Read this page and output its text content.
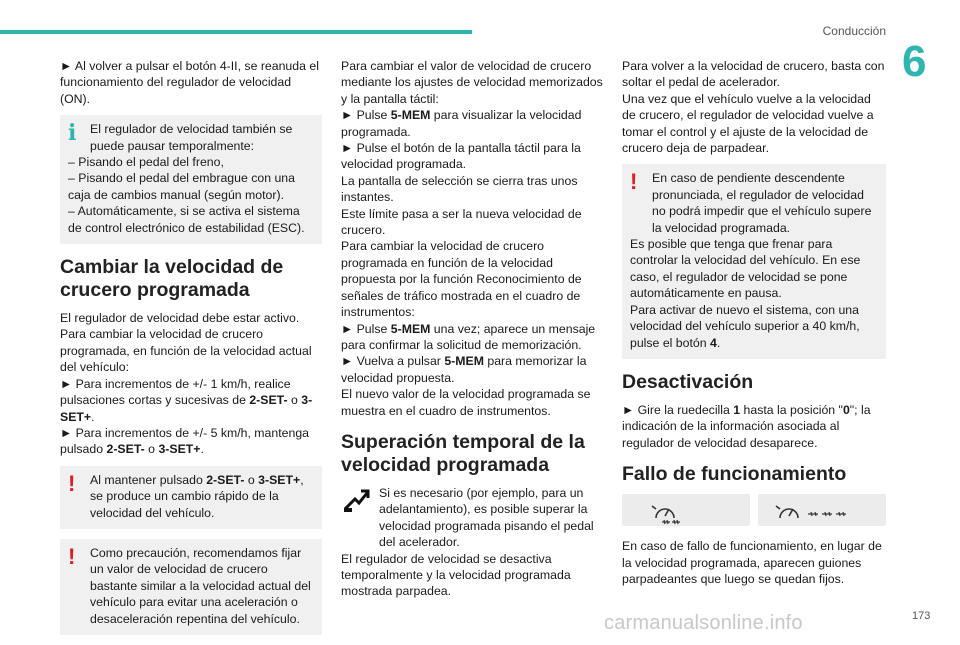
Conducción
6

► Al volver a pulsar el botón 4-II, se reanuda el funcionamiento del regulador de velocidad (ON).

i	El regulador de velocidad también se puede pausar temporalmente:

– Pisando el pedal del freno,

– Pisando el pedal del embrague con una caja de cambios manual (según motor).

– Automáticamente, si se activa el sistema de control electrónico de estabilidad (ESC).

Cambiar la velocidad de crucero programada

El regulador de velocidad debe estar activo.

Para cambiar la velocidad de crucero programada, en función de la velocidad actual del vehículo:

► Para incrementos de +/- 1 km/h, realice pulsaciones cortas y sucesivas de 2-SET- o 3-SET+.

► Para incrementos de +/- 5 km/h, mantenga pulsado 2-SET- o 3-SET+.

!	Al mantener pulsado 2-SET- o 3-SET+, se produce un cambio rápido de la velocidad del vehículo.

!	Como precaución, recomendamos fijar un valor de velocidad de crucero bastante similar a la velocidad actual del vehículo para evitar una aceleración o desaceleración repentina del vehículo.

Para cambiar el valor de velocidad de crucero mediante los ajustes de velocidad memorizados y la pantalla táctil:

► Pulse 5-MEM para visualizar la velocidad programada.

► Pulse el botón de la pantalla táctil para la velocidad programada.

La pantalla de selección se cierra tras unos instantes.

Este límite pasa a ser la nueva velocidad de crucero.

Para cambiar la velocidad de crucero programada en función de la velocidad propuesta por la función Reconocimiento de señales de tráfico mostrada en el cuadro de instrumentos:

► Pulse 5-MEM una vez; aparece un mensaje para confirmar la solicitud de memorización.

► Vuelva a pulsar 5-MEM para memorizar la velocidad propuesta.

El nuevo valor de la velocidad programada se muestra en el cuadro de instrumentos.

Superación temporal de la velocidad programada

Si es necesario (por ejemplo, para un adelantamiento), es posible superar la velocidad programada pisando el pedal del acelerador.

El regulador de velocidad se desactiva temporalmente y la velocidad programada mostrada parpadea.

Para volver a la velocidad de crucero, basta con soltar el pedal de acelerador.

Una vez que el vehículo vuelve a la velocidad de crucero, el regulador de velocidad vuelve a tomar el control y el ajuste de la velocidad de crucero deja de parpadear.

!	En caso de pendiente descendente pronunciada, el regulador de velocidad no podrá impedir que el vehículo supere la velocidad programada.

Es posible que tenga que frenar para controlar la velocidad del vehículo. En ese caso, el regulador de velocidad se pone automáticamente en pausa.

Para activar de nuevo el sistema, con una velocidad del vehículo superior a 40 km/h, pulse el botón 4.

Desactivación

► Gire la ruedecilla 1 hasta la posición "0"; la indicación de la información asociada al regulador de velocidad desaparece.

Fallo de funcionamiento

En caso de fallo de funcionamiento, en lugar de la velocidad programada, aparecen guiones parpadeantes que luego se quedan fijos.

carmanualsonline.info	173
